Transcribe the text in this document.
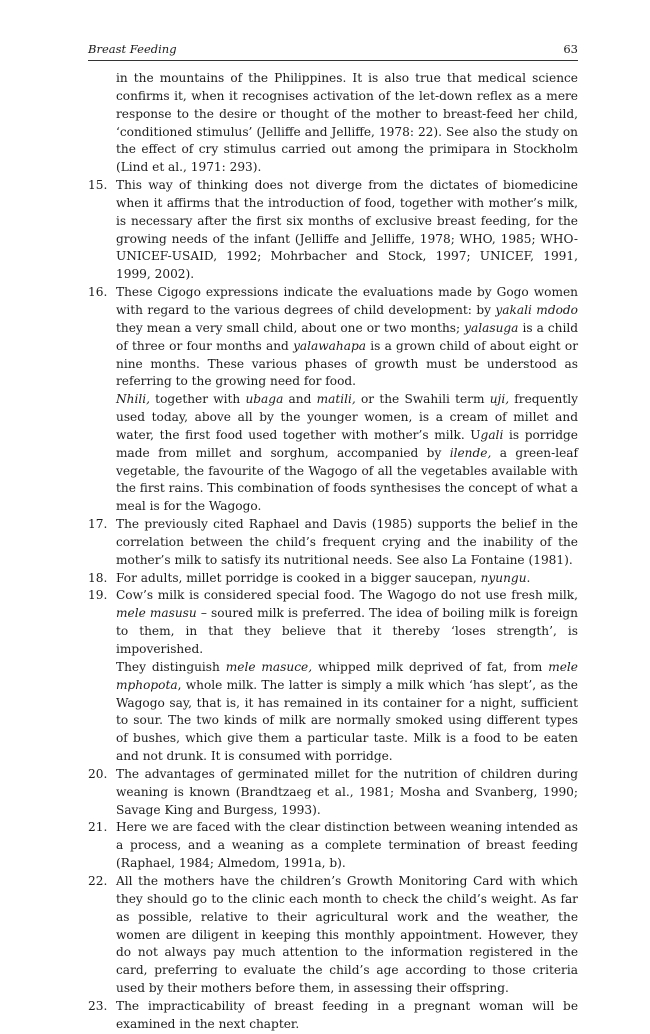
Breast Feeding	63
in the mountains of the Philippines. It is also true that medical science confirms it, when it recognises activation of the let-down reflex as a mere response to the desire or thought of the mother to breast-feed her child, ‘conditioned stimulus’ (Jelliffe and Jelliffe, 1978: 22). See also the study on the effect of cry stimulus carried out among the primipara in Stockholm (Lind et al., 1971: 293).
15. This way of thinking does not diverge from the dictates of biomedicine when it affirms that the introduction of food, together with mother’s milk, is necessary after the first six months of exclusive breast feeding, for the growing needs of the infant (Jelliffe and Jelliffe, 1978; WHO, 1985; WHO-UNICEF-USAID, 1992; Mohrbacher and Stock, 1997; UNICEF, 1991, 1999, 2002).
16. These Cigogo expressions indicate the evaluations made by Gogo women with regard to the various degrees of child development: by yakali mdodo they mean a very small child, about one or two months; yalasuga is a child of three or four months and yalawahapa is a grown child of about eight or nine months. These various phases of growth must be understood as referring to the growing need for food.
Nhili, together with ubaga and matili, or the Swahili term uji, frequently used today, above all by the younger women, is a cream of millet and water, the first food used together with mother’s milk. Ugali is porridge made from millet and sorghum, accompanied by ilende, a green-leaf vegetable, the favourite of the Wagogo of all the vegetables available with the first rains. This combination of foods synthesises the concept of what a meal is for the Wagogo.
17. The previously cited Raphael and Davis (1985) supports the belief in the correlation between the child’s frequent crying and the inability of the mother’s milk to satisfy its nutritional needs. See also La Fontaine (1981).
18. For adults, millet porridge is cooked in a bigger saucepan, nyungu.
19. Cow’s milk is considered special food. The Wagogo do not use fresh milk, mele masusu – soured milk is preferred. The idea of boiling milk is foreign to them, in that they believe that it thereby ‘loses strength’, is impoverished.
They distinguish mele masuce, whipped milk deprived of fat, from mele mphopota, whole milk. The latter is simply a milk which ‘has slept’, as the Wagogo say, that is, it has remained in its container for a night, sufficient to sour. The two kinds of milk are normally smoked using different types of bushes, which give them a particular taste. Milk is a food to be eaten and not drunk. It is consumed with porridge.
20. The advantages of germinated millet for the nutrition of children during weaning is known (Brandtzaeg et al., 1981; Mosha and Svanberg, 1990; Savage King and Burgess, 1993).
21. Here we are faced with the clear distinction between weaning intended as a process, and a weaning as a complete termination of breast feeding (Raphael, 1984; Almedom, 1991a, b).
22. All the mothers have the children’s Growth Monitoring Card with which they should go to the clinic each month to check the child’s weight. As far as possible, relative to their agricultural work and the weather, the women are diligent in keeping this monthly appointment. However, they do not always pay much attention to the information registered in the card, preferring to evaluate the child’s age according to those criteria used by their mothers before them, in assessing their offspring.
23. The impracticability of breast feeding in a pregnant woman will be examined in the next chapter.
